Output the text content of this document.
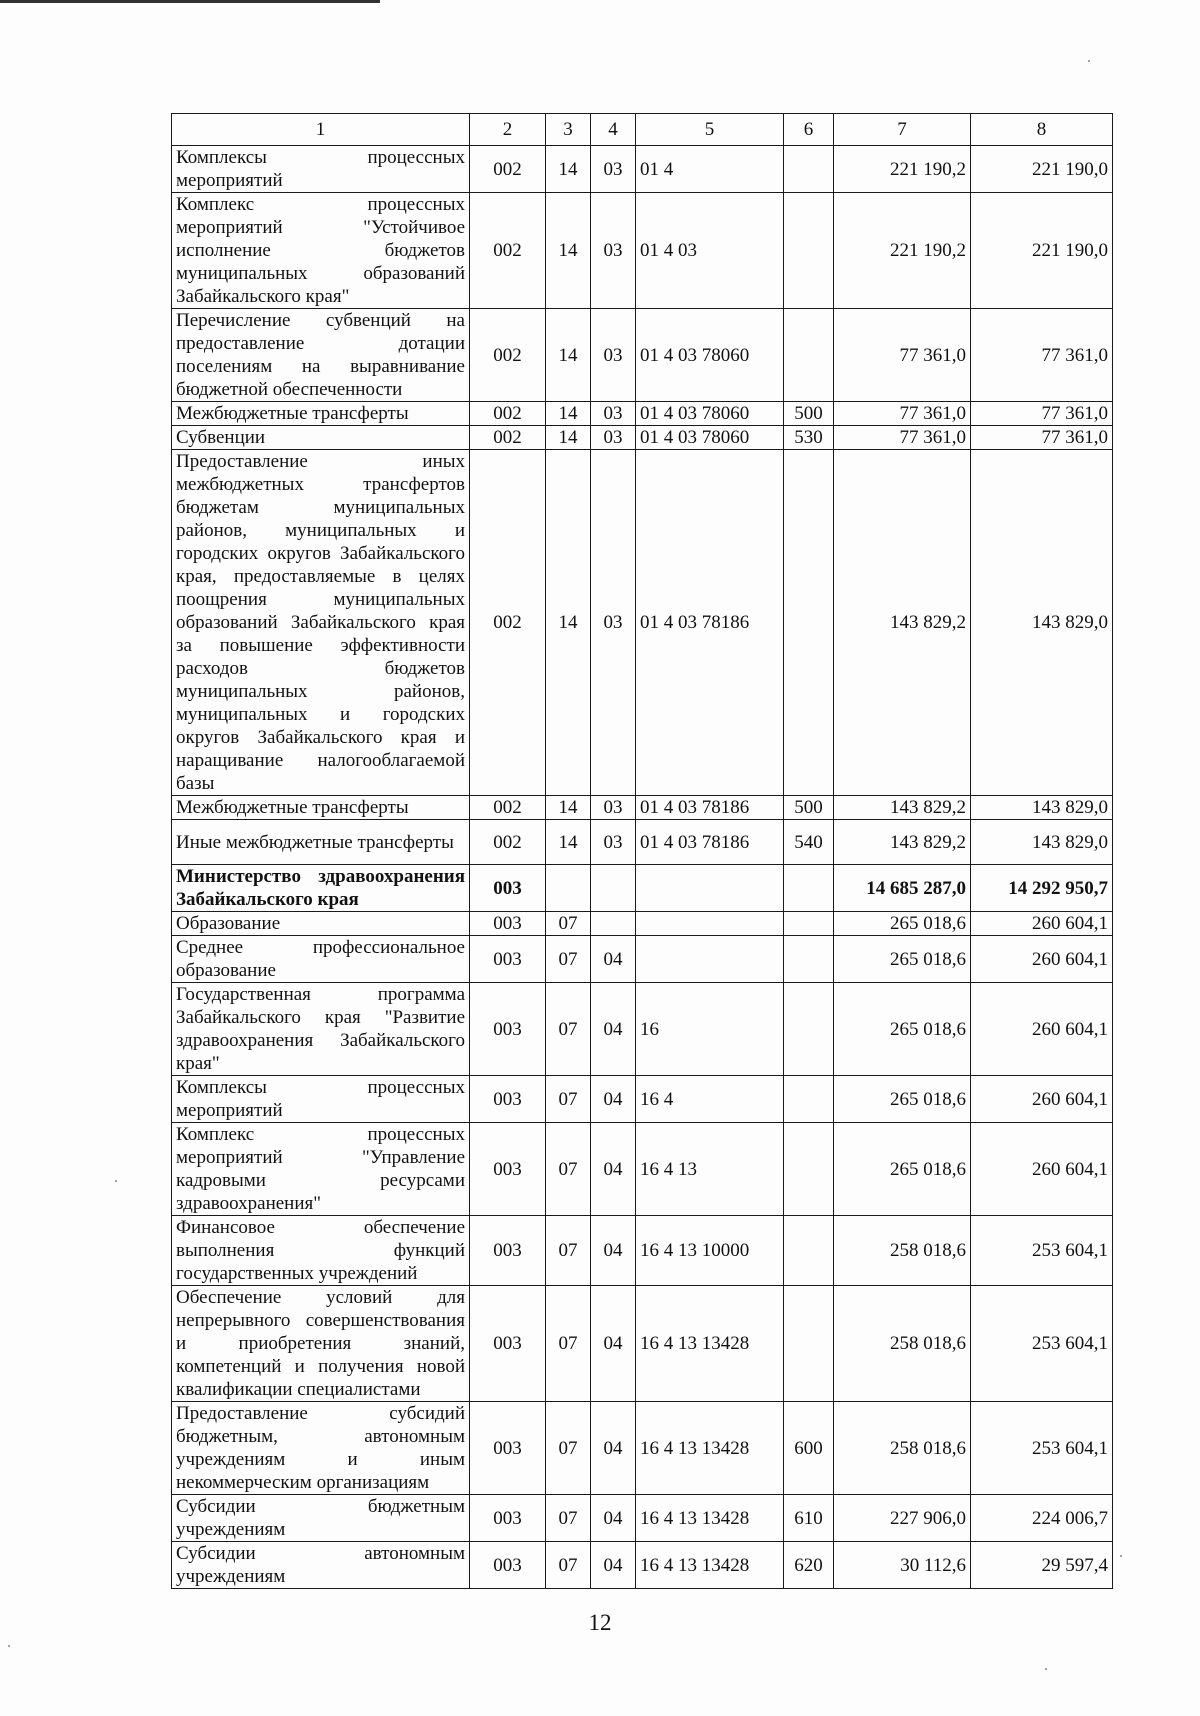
1	2	3	4	5	6	7	8
Комплексы процессных мероприятий	002	14	03	01 4		221 190,2	221 190,0
Комплекс процессных мероприятий "Устойчивое исполнение бюджетов муниципальных образований Забайкальского края"	002	14	03	01 4 03		221 190,2	221 190,0
Перечисление субвенций на предоставление дотации поселениям на выравнивание бюджетной обеспеченности	002	14	03	01 4 03 78060		77 361,0	77 361,0
Межбюджетные трансферты	002	14	03	01 4 03 78060	500	77 361,0	77 361,0
Субвенции	002	14	03	01 4 03 78060	530	77 361,0	77 361,0
Предоставление иных межбюджетных трансфертов бюджетам муниципальных районов, муниципальных и городских округов Забайкальского края, предоставляемые в целях поощрения муниципальных образований Забайкальского края за повышение эффективности расходов бюджетов муниципальных районов, муниципальных и городских округов Забайкальского края и наращивание налогооблагаемой базы	002	14	03	01 4 03 78186		143 829,2	143 829,0
Межбюджетные трансферты	002	14	03	01 4 03 78186	500	143 829,2	143 829,0
Иные межбюджетные трансферты	002	14	03	01 4 03 78186	540	143 829,2	143 829,0
Министерство здравоохранения Забайкальского края	003					14 685 287,0	14 292 950,7
Образование	003	07				265 018,6	260 604,1
Среднее профессиональное образование	003	07	04			265 018,6	260 604,1
Государственная программа Забайкальского края "Развитие здравоохранения Забайкальского края"	003	07	04	16		265 018,6	260 604,1
Комплексы процессных мероприятий	003	07	04	16 4		265 018,6	260 604,1
Комплекс процессных мероприятий "Управление кадровыми ресурсами здравоохранения"	003	07	04	16 4 13		265 018,6	260 604,1
Финансовое обеспечение выполнения функций государственных учреждений	003	07	04	16 4 13 10000		258 018,6	253 604,1
Обеспечение условий для непрерывного совершенствования и приобретения знаний, компетенций и получения новой квалификации специалистами	003	07	04	16 4 13 13428		258 018,6	253 604,1
Предоставление субсидий бюджетным, автономным учреждениям и иным некоммерческим организациям	003	07	04	16 4 13 13428	600	258 018,6	253 604,1
Субсидии бюджетным учреждениям	003	07	04	16 4 13 13428	610	227 906,0	224 006,7
Субсидии автономным учреждениям	003	07	04	16 4 13 13428	620	30 112,6	29 597,4
12
